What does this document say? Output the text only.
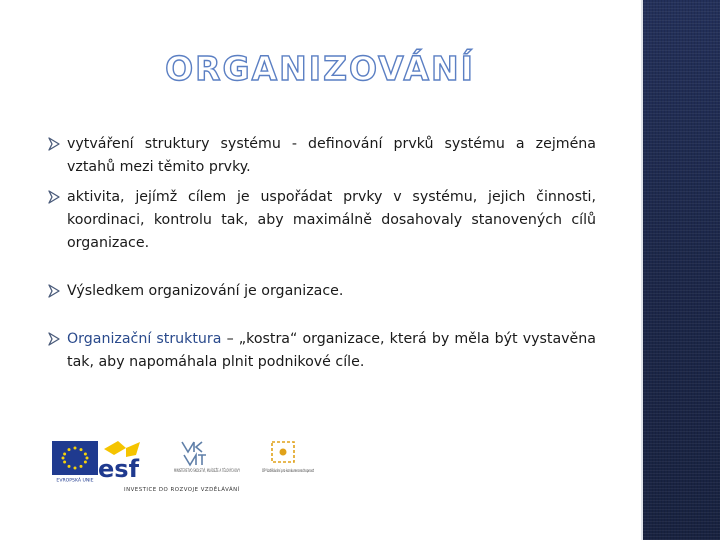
ORGANIZOVÁNÍ
vytváření struktury systému - definování prvků systému a zejména vztahů mezi těmito prvky.
aktivita, jejímž cílem je uspořádat prvky v systému, jejich činnosti, koordinaci, kontrolu tak, aby maximálně dosahovaly stanovených cílů organizace.
Výsledkem organizování je organizace.
Organizační struktura – „kostra“ organizace, která by měla být vystavěna tak, aby napomáhala plnit podnikové cíle.
EVROPSKÁ UNIE esf	MINISTERSTVO ŠKOLSTVÍ, MLÁDEŽE A TĚLOVÝCHOVY
OP Vzdělávání pro konkurenceschopnost
INVESTICE DO ROZVOJE VZDĚLÁVÁNÍ
